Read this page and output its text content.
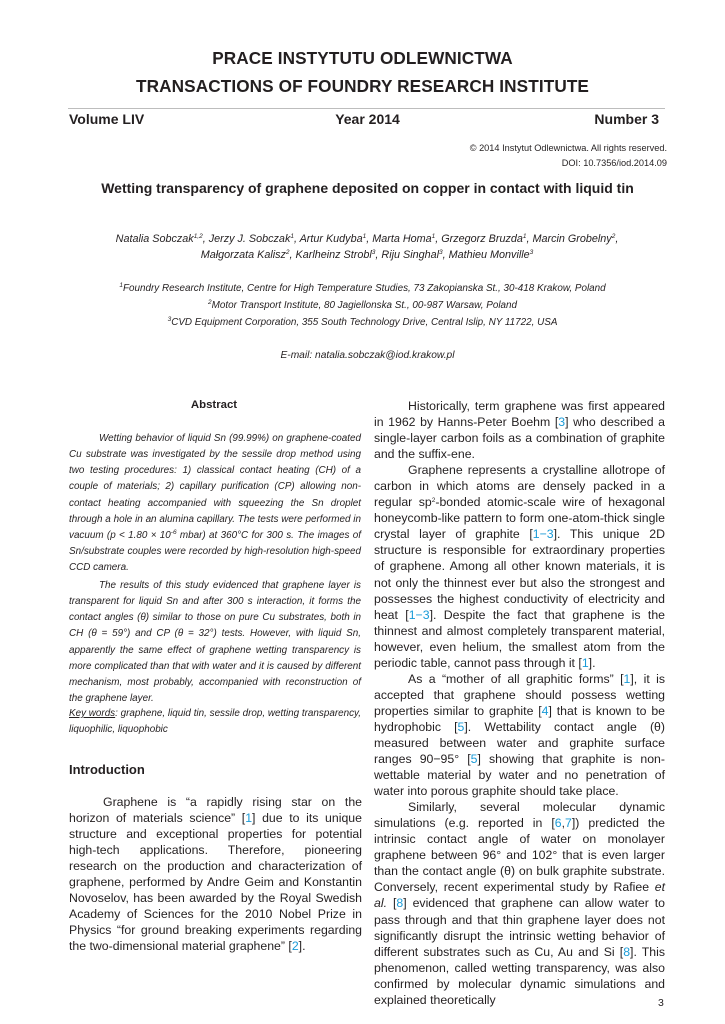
PRACE INSTYTUTU ODLEWNICTWA
TRANSACTIONS OF FOUNDRY RESEARCH INSTITUTE
Volume LIV	Year 2014	Number 3
© 2014 Instytut Odlewnictwa. All rights reserved.
DOI: 10.7356/iod.2014.09
Wetting transparency of graphene deposited on copper in contact with liquid tin
Natalia Sobczak$^{1,2}$, Jerzy J. Sobczak$^1$, Artur Kudyba$^1$, Marta Homa$^1$, Grzegorz Bruzda$^1$, Marcin Grobelny$^2$,
Małgorzata Kalisz$^2$, Karlheinz Strobl$^3$, Riju Singhal$^3$, Mathieu Monville$^3$
$^1$Foundry Research Institute, Centre for High Temperature Studies, 73 Zakopianska St., 30-418 Krakow, Poland
$^2$Motor Transport Institute, 80 Jagiellonska St., 00-987 Warsaw, Poland
$^3$CVD Equipment Corporation, 355 South Technology Drive, Central Islip, NY 11722, USA
E-mail: natalia.sobczak@iod.krakow.pl
Abstract

Wetting behavior of liquid Sn (99.99%) on graphene-coated Cu substrate was investigated by the sessile drop method using two testing procedures: 1) classical contact heating (CH) of a couple of materials; 2) capillary purification (CP) allowing non-contact heating accompanied with squeezing the Sn droplet through a hole in an alumina capillary. The tests were performed in vacuum ($p < 1.80 \times 10^{-6}$ mbar) at 360°C for 300 s. The images of Sn/substrate couples were recorded by high-resolution high-speed CCD camera.

The results of this study evidenced that graphene layer is transparent for liquid Sn and after 300 s interaction, it forms the contact angles (θ) similar to those on pure Cu substrates, both in CH (θ = 59°) and CP (θ = 32°) tests. However, with liquid Sn, apparently the same effect of graphene wetting transparency is more complicated than that with water and it is caused by different mechanism, most probably, accompanied with reconstruction of the graphene layer.

Key words: graphene, liquid tin, sessile drop, wetting transparency, liquophilic, liquophobic

Introduction

Graphene is “a rapidly rising star on the horizon of materials science” [1] due to its unique structure and exceptional properties for potential high-tech applications. Therefore, pioneering research on the production and characterization of graphene, performed by Andre Geim and Konstantin Novoselov, has been awarded by the Royal Swedish Academy of Sciences for the 2010 Nobel Prize in Physics “for ground breaking experiments regarding the two-dimensional material graphene” [2].

Historically, term graphene was first appeared in 1962 by Hanns-Peter Boehm [3] who described a single-layer carbon foils as a combination of graphite and the suffix-ene.

Graphene represents a crystalline allotrope of carbon in which atoms are densely packed in a regular $sp^2$-bonded atomic-scale wire of hexagonal honeycomb-like pattern to form one-atom-thick single crystal layer of graphite [1−3]. This unique 2D structure is responsible for extraordinary properties of graphene. Among all other known materials, it is not only the thinnest ever but also the strongest and possesses the highest conductivity of electricity and heat [1−3]. Despite the fact that graphene is the thinnest and almost completely transparent material, however, even helium, the smallest atom from the periodic table, cannot pass through it [1].

As a “mother of all graphitic forms” [1], it is accepted that graphene should possess wetting properties similar to graphite [4] that is known to be hydrophobic [5]. Wettability contact angle (θ) measured between water and graphite surface ranges 90−95° [5] showing that graphite is non-wettable material by water and no penetration of water into porous graphite should take place.

Similarly, several molecular dynamic simulations (e.g. reported in [6,7]) predicted the intrinsic contact angle of water on monolayer graphene between 96° and 102° that is even larger than the contact angle (θ) on bulk graphite substrate. Conversely, recent experimental study by Rafiee et al. [8] evidenced that graphene can allow water to pass through and that thin graphene layer does not significantly disrupt the intrinsic wetting behavior of different substrates such as Cu, Au and Si [8]. This phenomenon, called wetting transparency, was also confirmed by molecular dynamic simulations and explained theoretically	3
